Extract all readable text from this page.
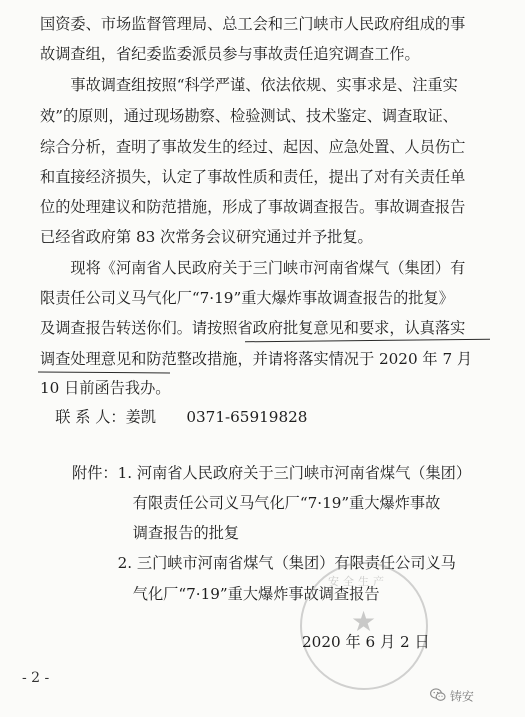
国资委、市场监督管理局、总工会和三门峡市人民政府组成的事
故调查组，省纪委监委派员参与事故责任追究调查工作。
　　事故调查组按照“科学严谨、依法依规、实事求是、注重实
效”的原则，通过现场勘察、检验测试、技术鉴定、调查取证、
综合分析，查明了事故发生的经过、起因、应急处置、人员伤亡
和直接经济损失，认定了事故性质和责任，提出了对有关责任单
位的处理建议和防范措施，形成了事故调查报告。事故调查报告
已经省政府第 83 次常务会议研究通过并予批复。
　　现将《河南省人民政府关于三门峡市河南省煤气（集团）有
限责任公司义马气化厂“7·19”重大爆炸事故调查报告的批复》
及调查报告转送你们。请按照省政府批复意见和要求，认真落实
调查处理意见和防范整改措施，并请将落实情况于 2020 年 7 月
10 日前函告我办。
　联 系 人：姜凯　　0371-65919828
附件：1. 河南省人民政府关于三门峡市河南省煤气（集团）
　　　　有限责任公司义马气化厂“7·19”重大爆炸事故
　　　　调查报告的批复
　　　2. 三门峡市河南省煤气（集团）有限责任公司义马
　　　　气化厂“7·19”重大爆炸事故调查报告
安全生产
★
2020 年 6 月 2 日
- 2 -
铸安
